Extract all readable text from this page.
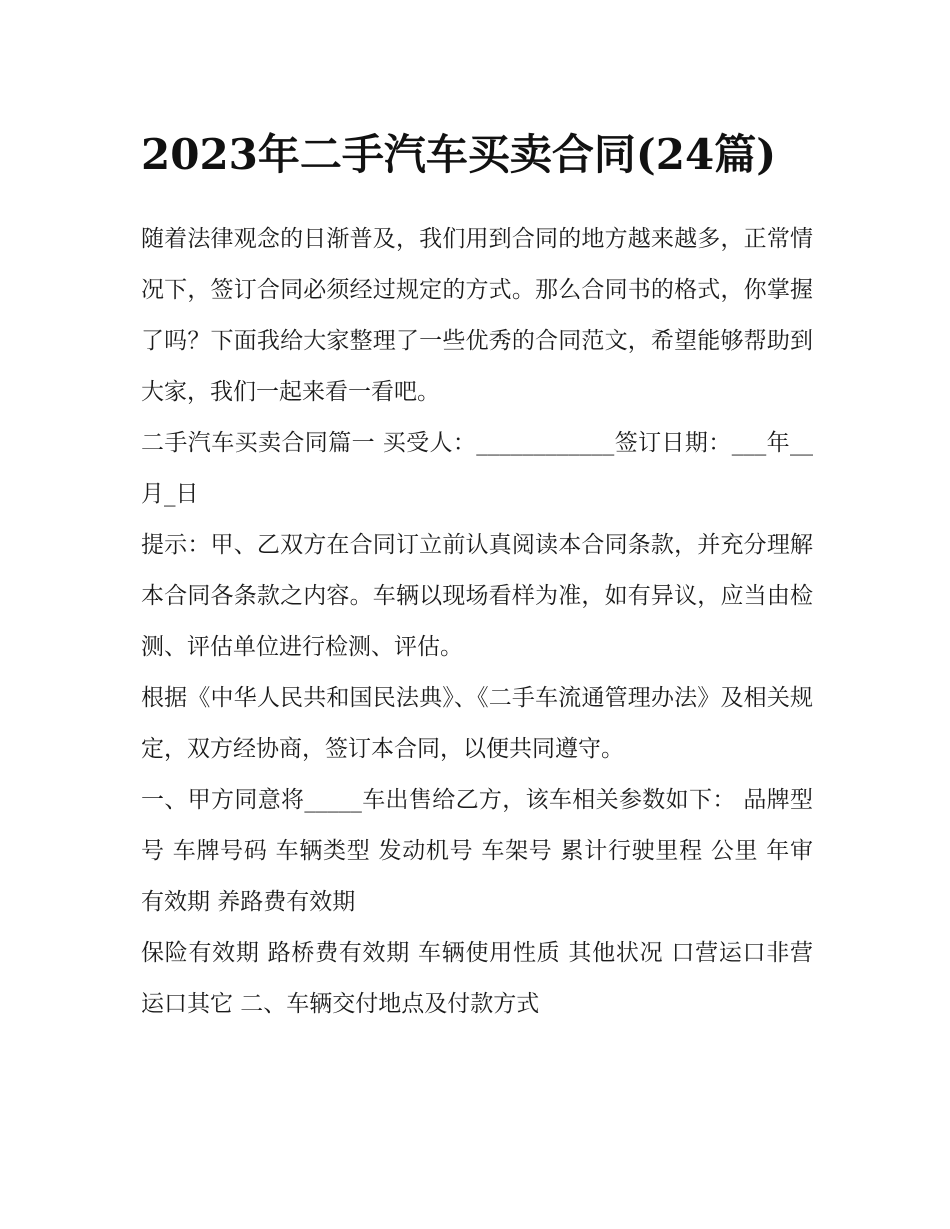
2023年二手汽车买卖合同(24篇)

随着法律观念的日渐普及，我们用到合同的地方越来越多，正常情况下，签订合同必须经过规定的方式。那么合同书的格式，你掌握了吗？下面我给大家整理了一些优秀的合同范文，希望能够帮助到大家，我们一起来看一看吧。

二手汽车买卖合同篇一 买受人：____________签订日期：___年__月_日

提示：甲、乙双方在合同订立前认真阅读本合同条款，并充分理解本合同各条款之内容。车辆以现场看样为准，如有异议，应当由检测、评估单位进行检测、评估。

根据《中华人民共和国民法典》、《二手车流通管理办法》及相关规定，双方经协商，签订本合同，以便共同遵守。

一、甲方同意将_____车出售给乙方，该车相关参数如下： 品牌型号 车牌号码 车辆类型 发动机号 车架号 累计行驶里程 公里 年审有效期 养路费有效期

保险有效期 路桥费有效期 车辆使用性质 其他状况 口营运口非营运口其它 二、车辆交付地点及付款方式
